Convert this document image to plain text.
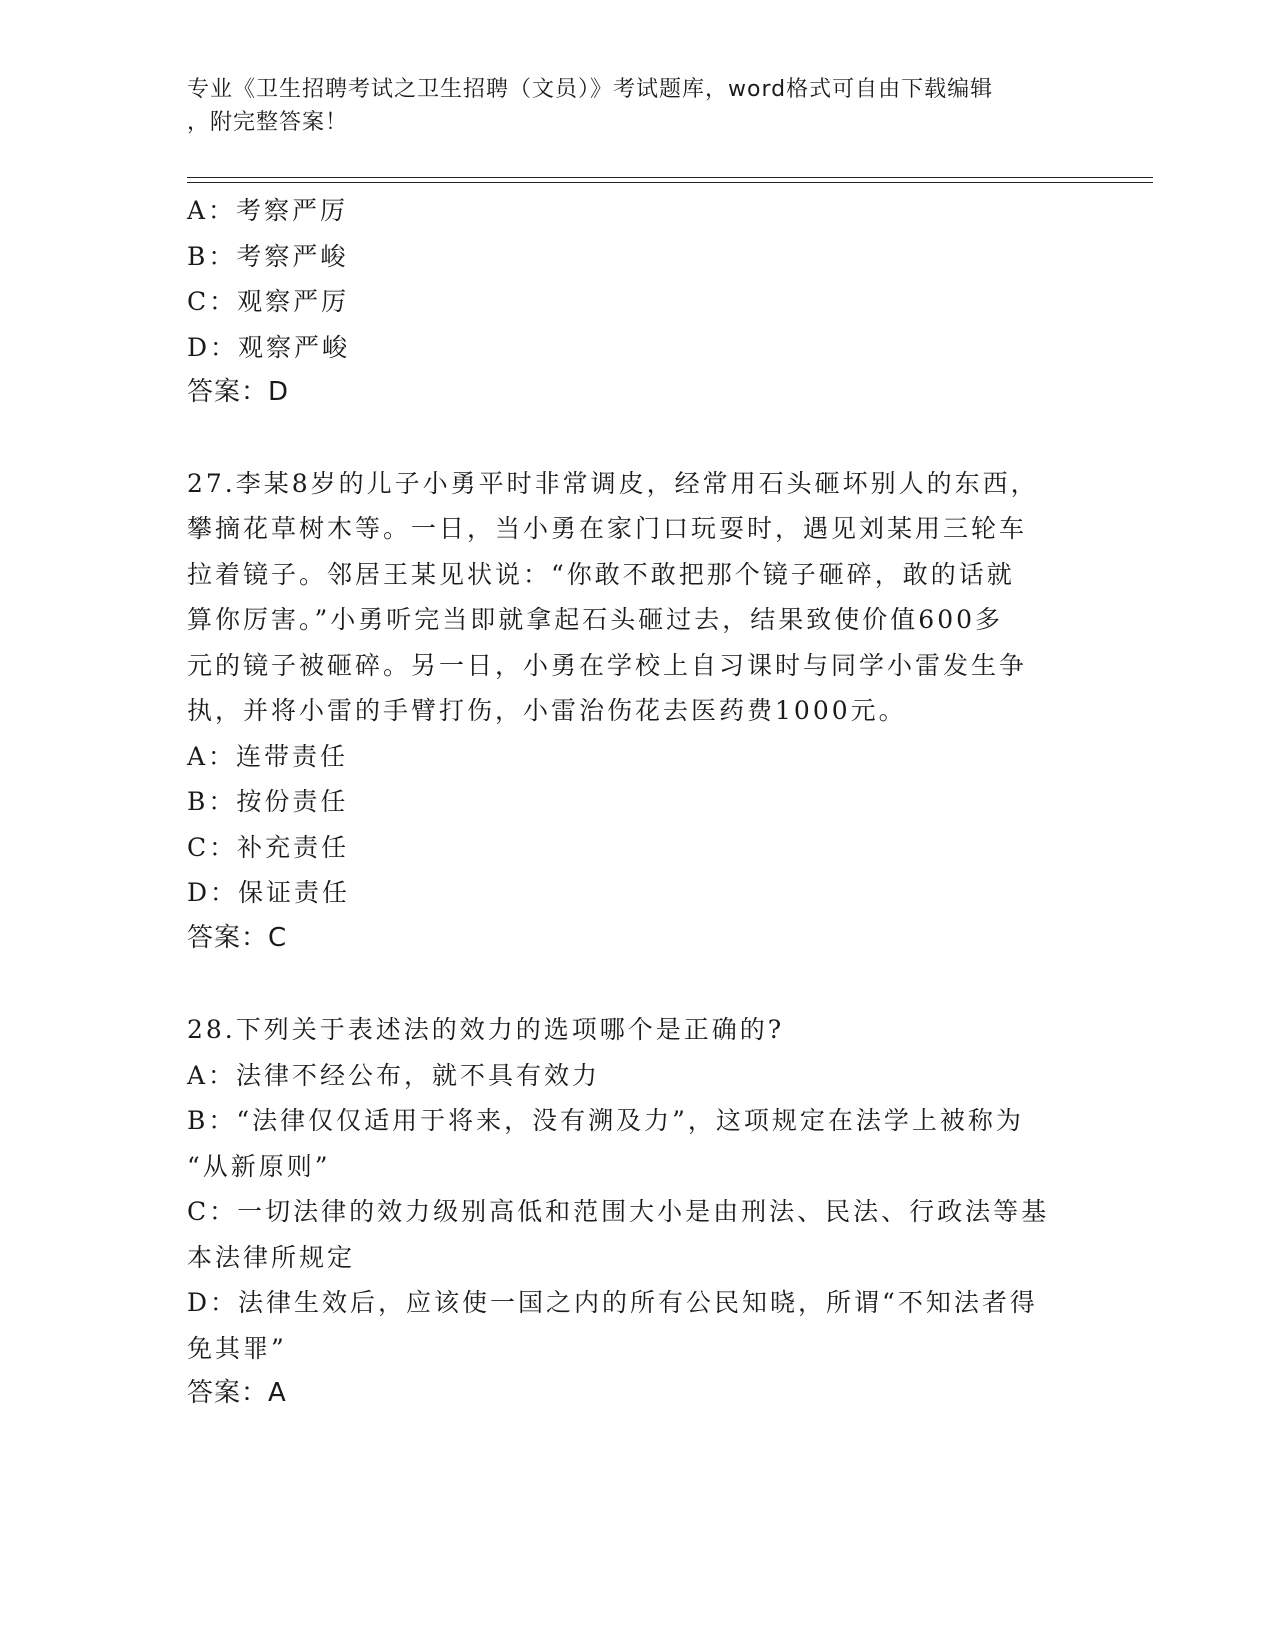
专业《卫生招聘考试之卫生招聘（文员）》考试题库，word格式可自由下载编辑
，附完整答案！
A：考察严厉
B：考察严峻
C：观察严厉
D：观察严峻
答案：D
27.李某8岁的儿子小勇平时非常调皮，经常用石头砸坏别人的东西，
攀摘花草树木等。一日，当小勇在家门口玩耍时，遇见刘某用三轮车
拉着镜子。邻居王某见状说：“你敢不敢把那个镜子砸碎，敢的话就
算你厉害。”小勇听完当即就拿起石头砸过去，结果致使价值600多
元的镜子被砸碎。另一日，小勇在学校上自习课时与同学小雷发生争
执，并将小雷的手臂打伤，小雷治伤花去医药费1000元。
A：连带责任
B：按份责任
C：补充责任
D：保证责任
答案：C
28.下列关于表述法的效力的选项哪个是正确的?
A：法律不经公布，就不具有效力
B：“法律仅仅适用于将来，没有溯及力”，这项规定在法学上被称为
“从新原则”
C：一切法律的效力级别高低和范围大小是由刑法、民法、行政法等基
本法律所规定
D：法律生效后，应该使一国之内的所有公民知晓，所谓“不知法者得
免其罪”
答案：A
